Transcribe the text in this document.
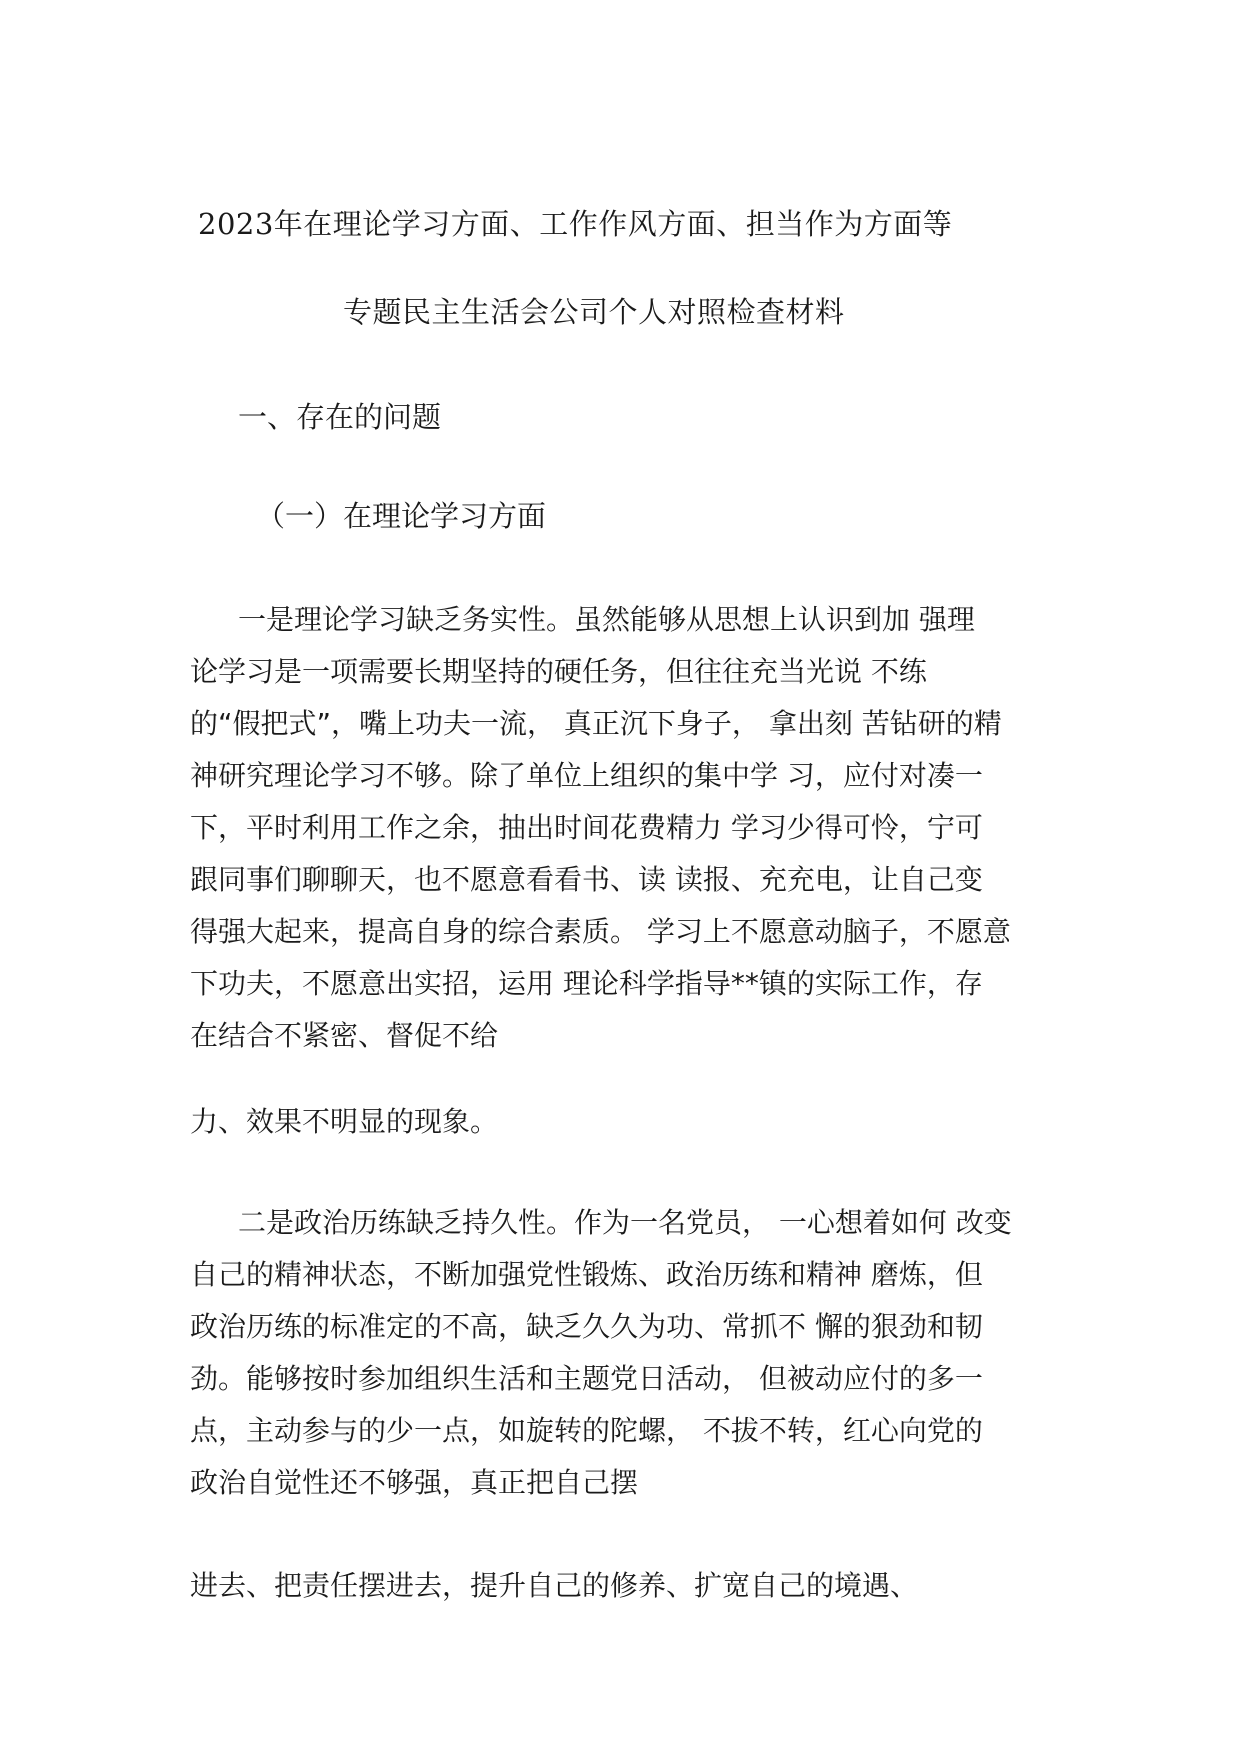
2023年在理论学习方面、工作作风方面、担当作为方面等
专题民主生活会公司个人对照检查材料
一、存在的问题
（一）在理论学习方面
一是理论学习缺乏务实性。虽然能够从思想上认识到加 强理
论学习是一项需要长期坚持的硬任务，但往往充当光说 不练
的“假把式”，嘴上功夫一流， 真正沉下身子， 拿出刻 苦钻研的精
神研究理论学习不够。除了单位上组织的集中学 习，应付对凑一
下，平时利用工作之余，抽出时间花费精力 学习少得可怜，宁可
跟同事们聊聊天，也不愿意看看书、读 读报、充充电，让自己变
得强大起来，提高自身的综合素质。 学习上不愿意动脑子，不愿意
下功夫，不愿意出实招，运用 理论科学指导**镇的实际工作，存
在结合不紧密、督促不给
力、效果不明显的现象。
二是政治历练缺乏持久性。作为一名党员， 一心想着如何 改变
自己的精神状态，不断加强党性锻炼、政治历练和精神 磨炼，但
政治历练的标准定的不高，缺乏久久为功、常抓不 懈的狠劲和韧
劲。能够按时参加组织生活和主题党日活动， 但被动应付的多一
点，主动参与的少一点，如旋转的陀螺， 不拔不转，红心向党的
政治自觉性还不够强，真正把自己摆
进去、把责任摆进去，提升自己的修养、扩宽自己的境遇、
